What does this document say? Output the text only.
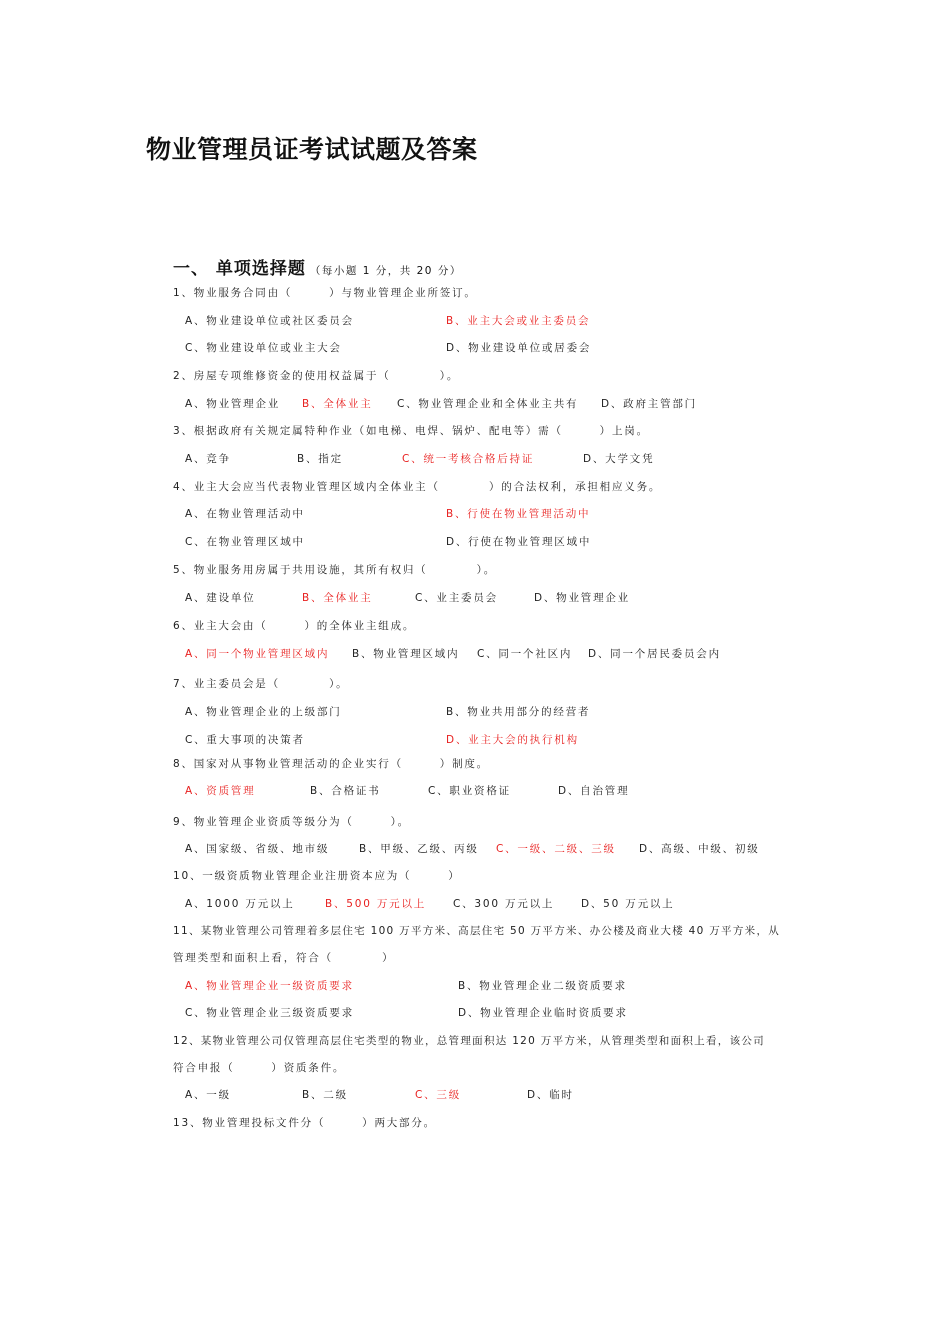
物业管理员证考试试题及答案
一、 单项选择题 （每小题 1 分，共 20 分）
1、物业服务合同由（　　　）与物业管理企业所签订。
A、物业建设单位或社区委员会	B、业主大会或业主委员会
C、物业建设单位或业主大会	D、物业建设单位或居委会
2、房屋专项维修资金的使用权益属于（　　　　）。
A、物业管理企业 B、全体业主 C、物业管理企业和全体业主共有 D、政府主管部门
3、根据政府有关规定属特种作业（如电梯、电焊、锅炉、配电等）需（　　　）上岗。
A、竞争	B、指定	C、统一考核合格后持证	D、大学文凭
4、业主大会应当代表物业管理区域内全体业主（　　　　）的合法权利，承担相应义务。
A、在物业管理活动中	B、行使在物业管理活动中
C、在物业管理区域中	D、行使在物业管理区域中
5、物业服务用房属于共用设施，其所有权归（　　　　）。
A、建设单位	B、全体业主	C、业主委员会	D、物业管理企业
6、业主大会由（　　　）的全体业主组成。
A、同一个物业管理区域内 B、物业管理区域内 C、同一个社区内 D、同一个居民委员会内
7、业主委员会是（　　　　）。
A、物业管理企业的上级部门	B、物业共用部分的经营者
C、重大事项的决策者	D、业主大会的执行机构
8、国家对从事物业管理活动的企业实行（　　　）制度。
A、资质管理	B、合格证书	C、职业资格证	D、自治管理
9、物业管理企业资质等级分为（　　　）。
A、国家级、省级、地市级	B、甲级、乙级、丙级 C、一级、二级、三级 D、高级、中级、初级
10、一级资质物业管理企业注册资本应为（　　　）
A、1000 万元以上	B、500 万元以上	C、300 万元以上	D、50 万元以上
11、某物业管理公司管理着多层住宅 100 万平方米、高层住宅 50 万平方米、办公楼及商业大楼 40 万平方米，从
管理类型和面积上看，符合（　　　　）
A、物业管理企业一级资质要求	B、物业管理企业二级资质要求
C、物业管理企业三级资质要求	D、物业管理企业临时资质要求
12、某物业管理公司仅管理高层住宅类型的物业，总管理面积达 120 万平方米，从管理类型和面积上看，该公司
符合申报（　　　）资质条件。
A、一级	B、二级	C、三级	D、临时
13、物业管理投标文件分（　　　）两大部分。
